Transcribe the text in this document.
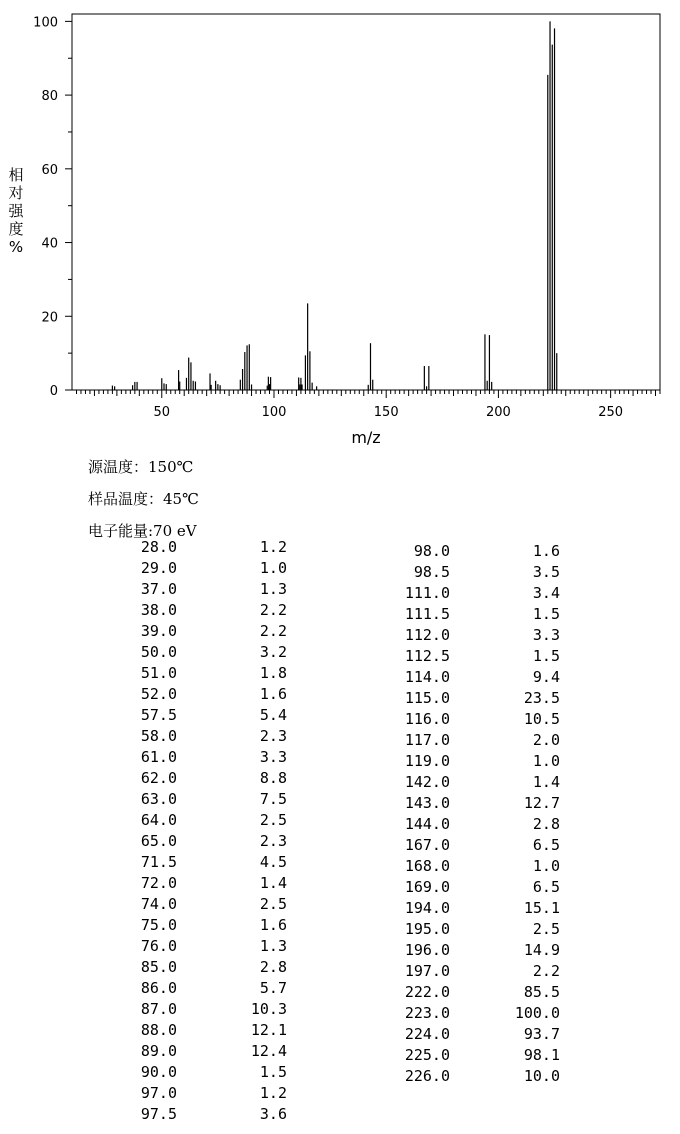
0
20
40
60
80
100
50	100	150	200	250
m/z
相
对
强
度
%
源温度：150℃
样品温度：45℃
电子能量:70 eV
28.0	1.2
29.0	1.0
37.0	1.3
38.0	2.2
39.0	2.2
50.0	3.2
51.0	1.8
52.0	1.6
57.5	5.4
58.0	2.3
61.0	3.3
62.0	8.8
63.0	7.5
64.0	2.5
65.0	2.3
71.5	4.5
72.0	1.4
74.0	2.5
75.0	1.6
76.0	1.3
85.0	2.8
86.0	5.7
87.0	10.3
88.0	12.1
89.0	12.4
90.0	1.5
97.0	1.2
97.5	3.6
98.0	1.6
98.5	3.5
111.0	3.4
111.5	1.5
112.0	3.3
112.5	1.5
114.0	9.4
115.0	23.5
116.0	10.5
117.0	2.0
119.0	1.0
142.0	1.4
143.0	12.7
144.0	2.8
167.0	6.5
168.0	1.0
169.0	6.5
194.0	15.1
195.0	2.5
196.0	14.9
197.0	2.2
222.0	85.5
223.0	100.0
224.0	93.7
225.0	98.1
226.0	10.0
